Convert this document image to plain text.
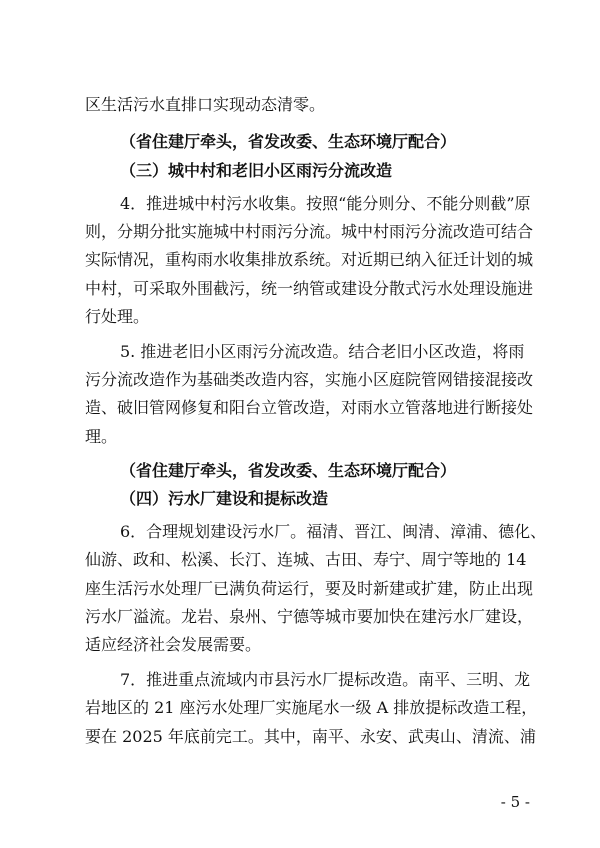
区生活污水直排口实现动态清零。
（省住建厅牵头，省发改委、生态环境厅配合）
（三）城中村和老旧小区雨污分流改造
4．推进城中村污水收集。按照“能分则分、不能分则截”原
则，分期分批实施城中村雨污分流。城中村雨污分流改造可结合
实际情况，重构雨水收集排放系统。对近期已纳入征迁计划的城
中村，可采取外围截污，统一纳管或建设分散式污水处理设施进
行处理。
5. 推进老旧小区雨污分流改造。结合老旧小区改造，将雨
污分流改造作为基础类改造内容，实施小区庭院管网错接混接改
造、破旧管网修复和阳台立管改造，对雨水立管落地进行断接处
理。
（省住建厅牵头，省发改委、生态环境厅配合）
（四）污水厂建设和提标改造
6．合理规划建设污水厂。福清、晋江、闽清、漳浦、德化、
仙游、政和、松溪、长汀、连城、古田、寿宁、周宁等地的 14
座生活污水处理厂已满负荷运行，要及时新建或扩建，防止出现
污水厂溢流。龙岩、泉州、宁德等城市要加快在建污水厂建设，
适应经济社会发展需要。
7．推进重点流域内市县污水厂提标改造。南平、三明、龙
岩地区的 21 座污水处理厂实施尾水一级 A 排放提标改造工程，
要在 2025 年底前完工。其中，南平、永安、武夷山、清流、浦
- 5 -
